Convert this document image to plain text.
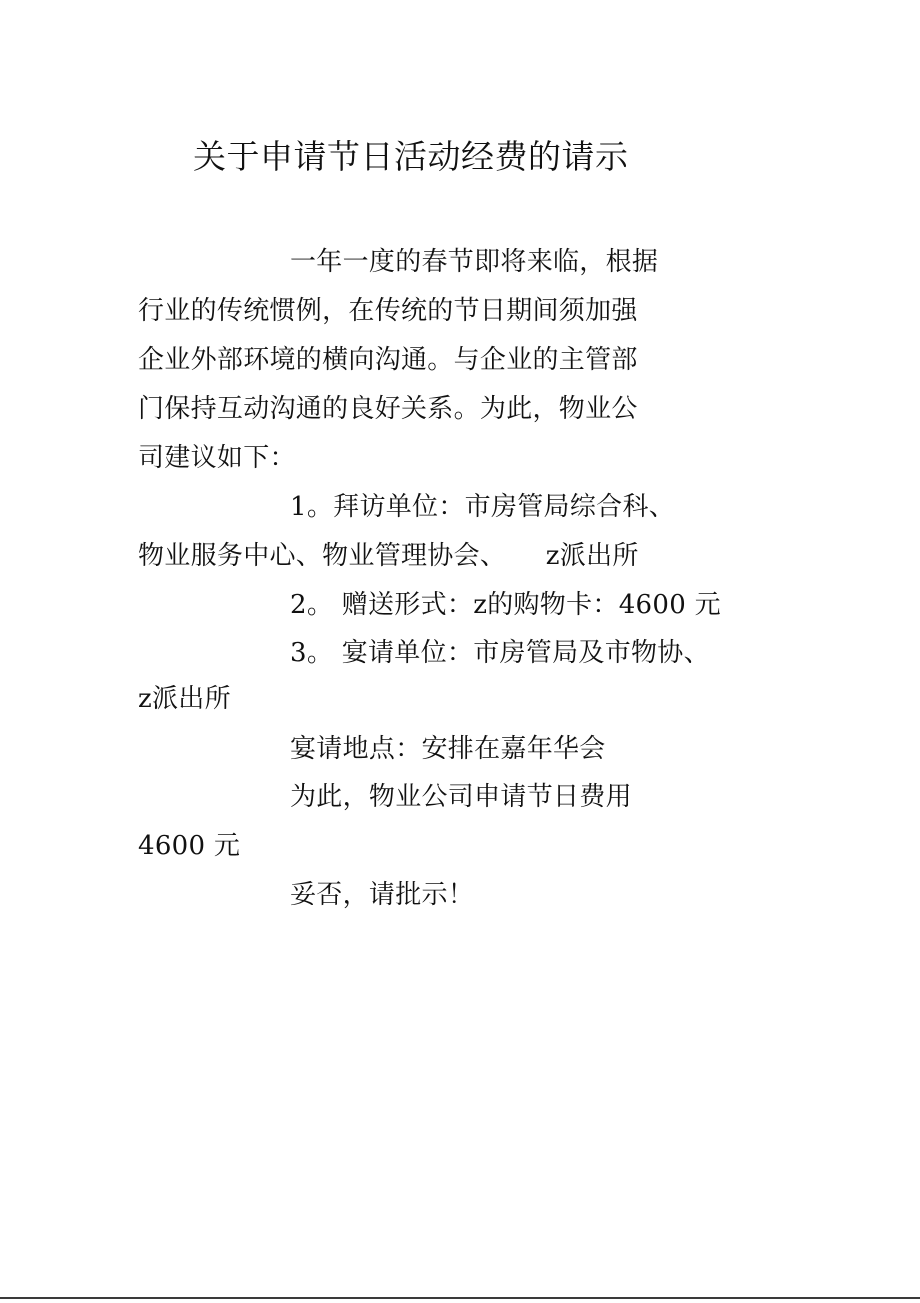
关于申请节日活动经费的请示
一年一度的春节即将来临，根据
行业的传统惯例，在传统的节日期间须加强
企业外部环境的横向沟通。与企业的主管部
门保持互动沟通的良好关系。为此，物业公
司建议如下：
1。拜访单位：市房管局综合科、
物业服务中心、物业管理协会、　　z派出所
2。 赠送形式：z的购物卡：4600 元
3。 宴请单位：市房管局及市物协、
z派出所
宴请地点：安排在嘉年华会
为此，物业公司申请节日费用
4600 元
妥否，请批示！
